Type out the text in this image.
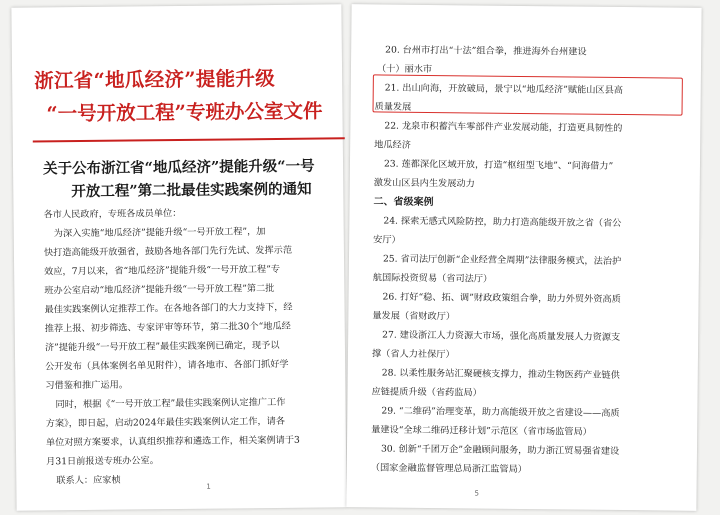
浙江省“地瓜经济”提能升级
“一号开放工程”专班办公室文件
关于公布浙江省“地瓜经济”提能升级“一号
开放工程”第二批最佳实践案例的通知
各市人民政府，专班各成员单位：
为深入实施“地瓜经济”提能升级“一号开放工程”，加
快打造高能级开放强省，鼓励各地各部门先行先试、发挥示范
效应，7月以来，省“地瓜经济”提能升级“一号开放工程”专
班办公室启动“地瓜经济”提能升级“一号开放工程”第二批
最佳实践案例认定推荐工作。在各地各部门的大力支持下，经
推荐上报、初步筛选、专家评审等环节，第二批30个“地瓜经
济”提能升级“一号开放工程”最佳实践案例已确定，现予以
公开发布（具体案例名单见附件），请各地市、各部门抓好学
习借鉴和推广运用。
同时，根据《“一号开放工程”最佳实践案例认定推广工作
方案》，即日起，启动2024年最佳实践案例认定工作，请各
单位对照方案要求，认真组织推荐和遴选工作，相关案例请于3
月31日前报送专班办公室。
联系人：应家桢
1
20. 台州市打出“十法”组合拳，推进海外台州建设
（十）丽水市
21. 出山向海，开放破局，景宁以“地瓜经济”赋能山区县高
质量发展
22. 龙泉市积蓄汽车零部件产业发展动能，打造更具韧性的
地瓜经济
23. 莲都深化区域开放，打造“枢纽型飞地”、“问海借力”
激发山区县内生发展动力
二、省级案例
24. 探索无感式风险防控，助力打造高能级开放之省（省公
安厅）
25. 省司法厅创新“企业经营全周期”法律服务模式，法治护
航国际投资贸易（省司法厅）
26. 打好“稳、拓、调”财政政策组合拳，助力外贸外资高质
量发展（省财政厅）
27. 建设浙江人力资源大市场，强化高质量发展人力资源支
撑（省人力社保厅）
28. 以柔性服务站汇聚硬核支撑力，推动生物医药产业链供
应链提质升级（省药监局）
29. “二维码”治理变革，助力高能级开放之省建设——高质
量建设“全球二维码迁移计划”示范区（省市场监管局）
30. 创新“千团万企”金融顾问服务，助力浙江贸易强省建设
（国家金融监督管理总局浙江监管局）
5
